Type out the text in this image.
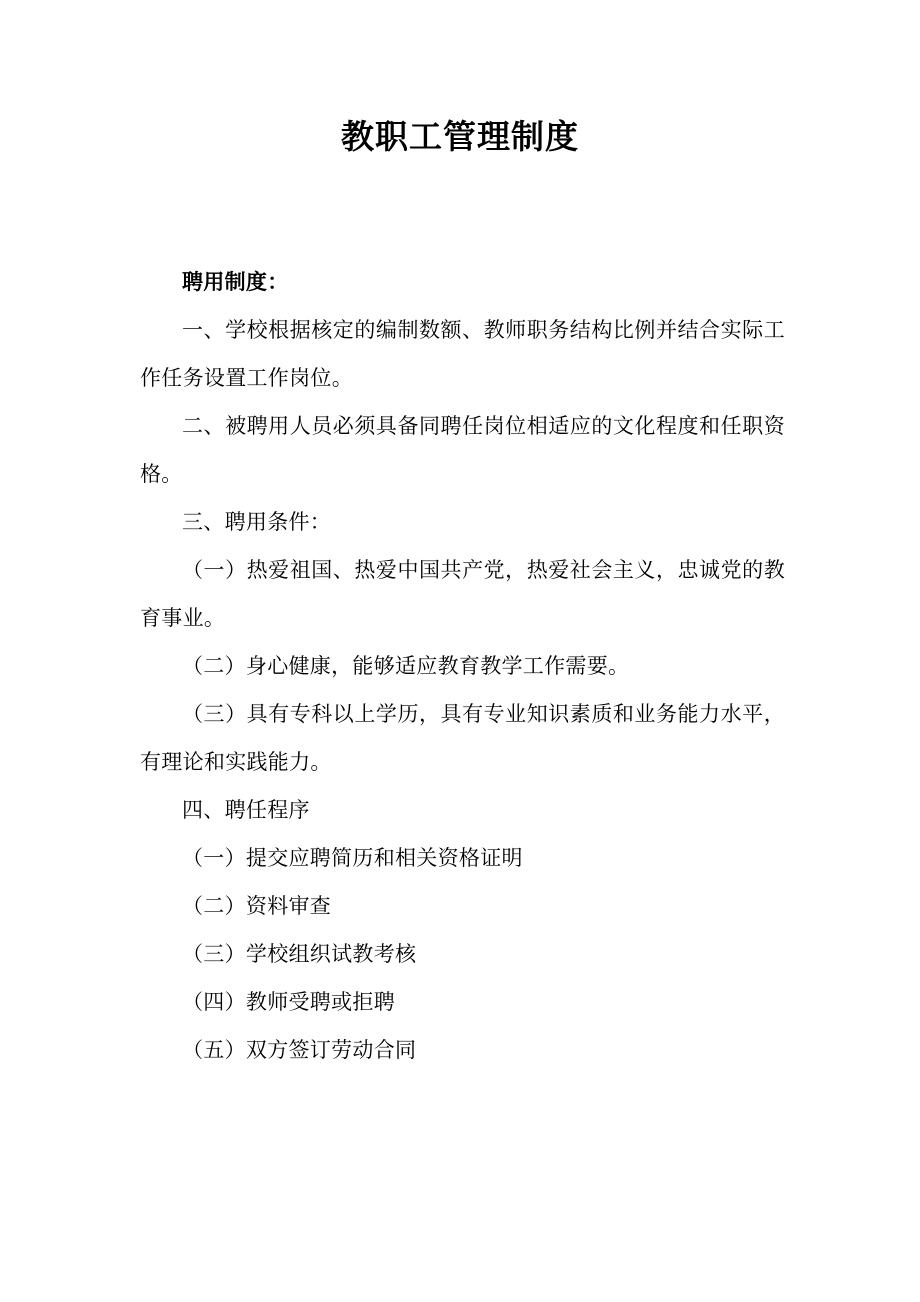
教职工管理制度

聘用制度：

一、学校根据核定的编制数额、教师职务结构比例并结合实际工作任务设置工作岗位。

二、被聘用人员必须具备同聘任岗位相适应的文化程度和任职资格。

三、聘用条件：

（一）热爱祖国、热爱中国共产党，热爱社会主义，忠诚党的教育事业。

（二）身心健康，能够适应教育教学工作需要。

（三）具有专科以上学历，具有专业知识素质和业务能力水平，有理论和实践能力。

四、聘任程序

（一）提交应聘简历和相关资格证明

（二）资料审查

（三）学校组织试教考核

（四）教师受聘或拒聘

（五）双方签订劳动合同
